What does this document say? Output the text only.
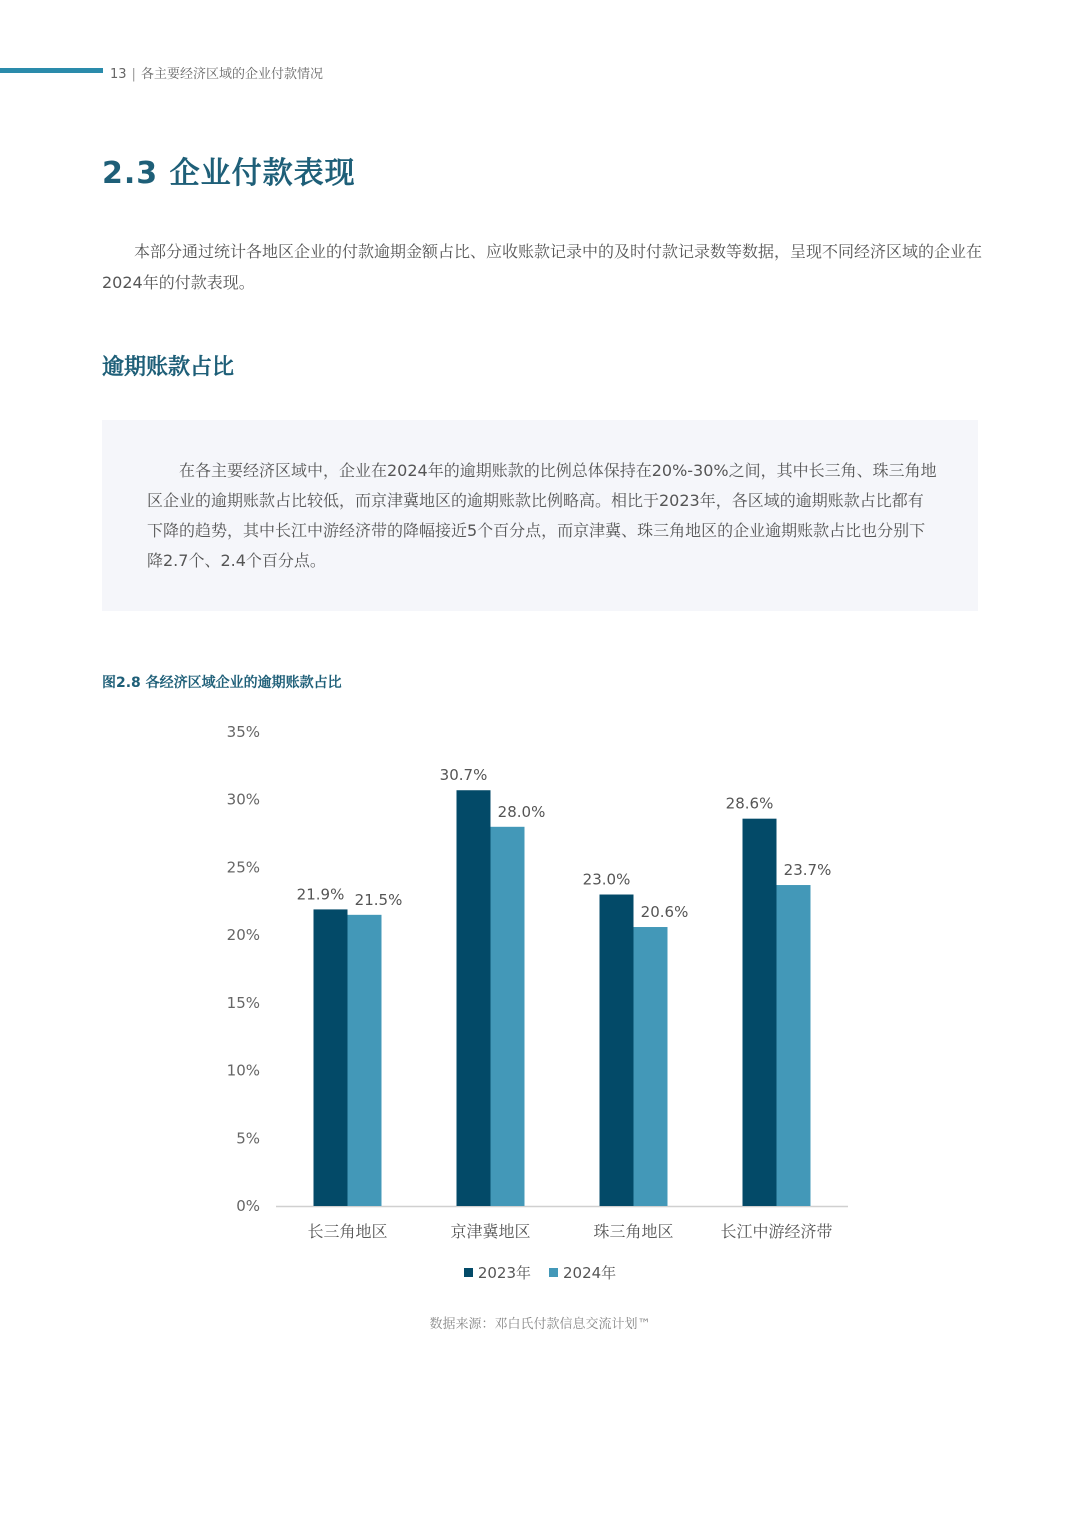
13 | 各主要经济区域的企业付款情况
2.3 企业付款表现

本部分通过统计各地区企业的付款逾期金额占比、应收账款记录中的及时付款记录数等数据，呈现不同经济区域的企业在2024年的付款表现。

逾期账款占比

在各主要经济区域中，企业在2024年的逾期账款的比例总体保持在20%-30%之间，其中长三角、珠三角地区企业的逾期账款占比较低，而京津冀地区的逾期账款比例略高。相比于2023年，各区域的逾期账款占比都有下降的趋势，其中长江中游经济带的降幅接近5个百分点，而京津冀、珠三角地区的企业逾期账款占比也分别下降2.7个、2.4个百分点。

图2.8 各经济区域企业的逾期账款占比
0%
5%
10%
15%
20%
25%
30%
35%
21.9% 21.5%
长三角地区
30.7%
28.0%
京津冀地区
23.0%
20.6%
珠三角地区
28.6%
23.7%
长江中游经济带
2023年 2024年
数据来源：邓白氏付款信息交流计划™
